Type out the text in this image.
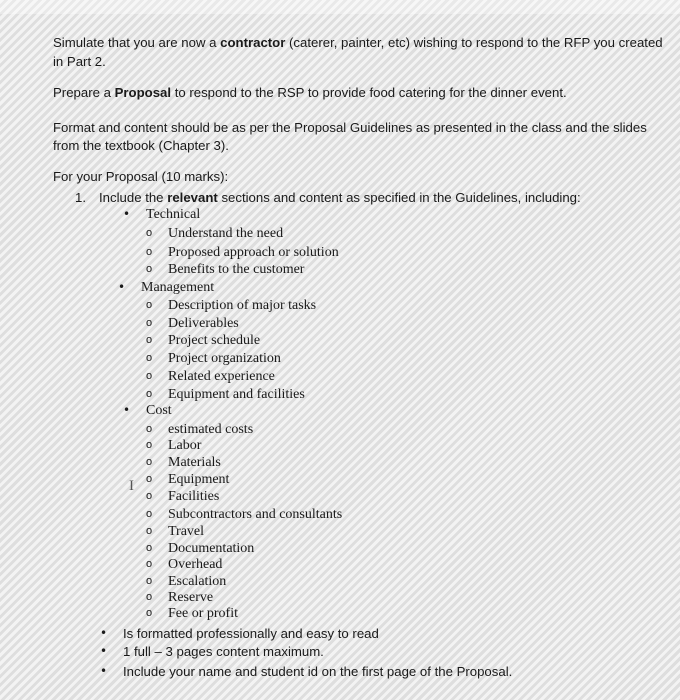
Simulate that you are now a contractor (caterer, painter, etc) wishing to respond to the RFP you created

in Part 2.

Prepare a Proposal to respond to the RSP to provide food catering for the dinner event.

Format and content should be as per the Proposal Guidelines as presented in the class and the slides

from the textbook (Chapter 3).

For your Proposal (10 marks):

1. Include the relevant sections and content as specified in the Guidelines, including:
• Technical
o Understand the need
o Proposed approach or solution
o Benefits to the customer
• Management
o Description of major tasks
o Deliverables
o Project schedule
o Project organization
o Related experience
o Equipment and facilities
• Cost
o estimated costs
o Labor
o Materials
o Equipment
o Facilities
o Subcontractors and consultants
o Travel
o Documentation
o Overhead
o Escalation
o Reserve
o Fee or profit
I
• Is formatted professionally and easy to read
• 1 full – 3 pages content maximum.
• Include your name and student id on the first page of the Proposal.
